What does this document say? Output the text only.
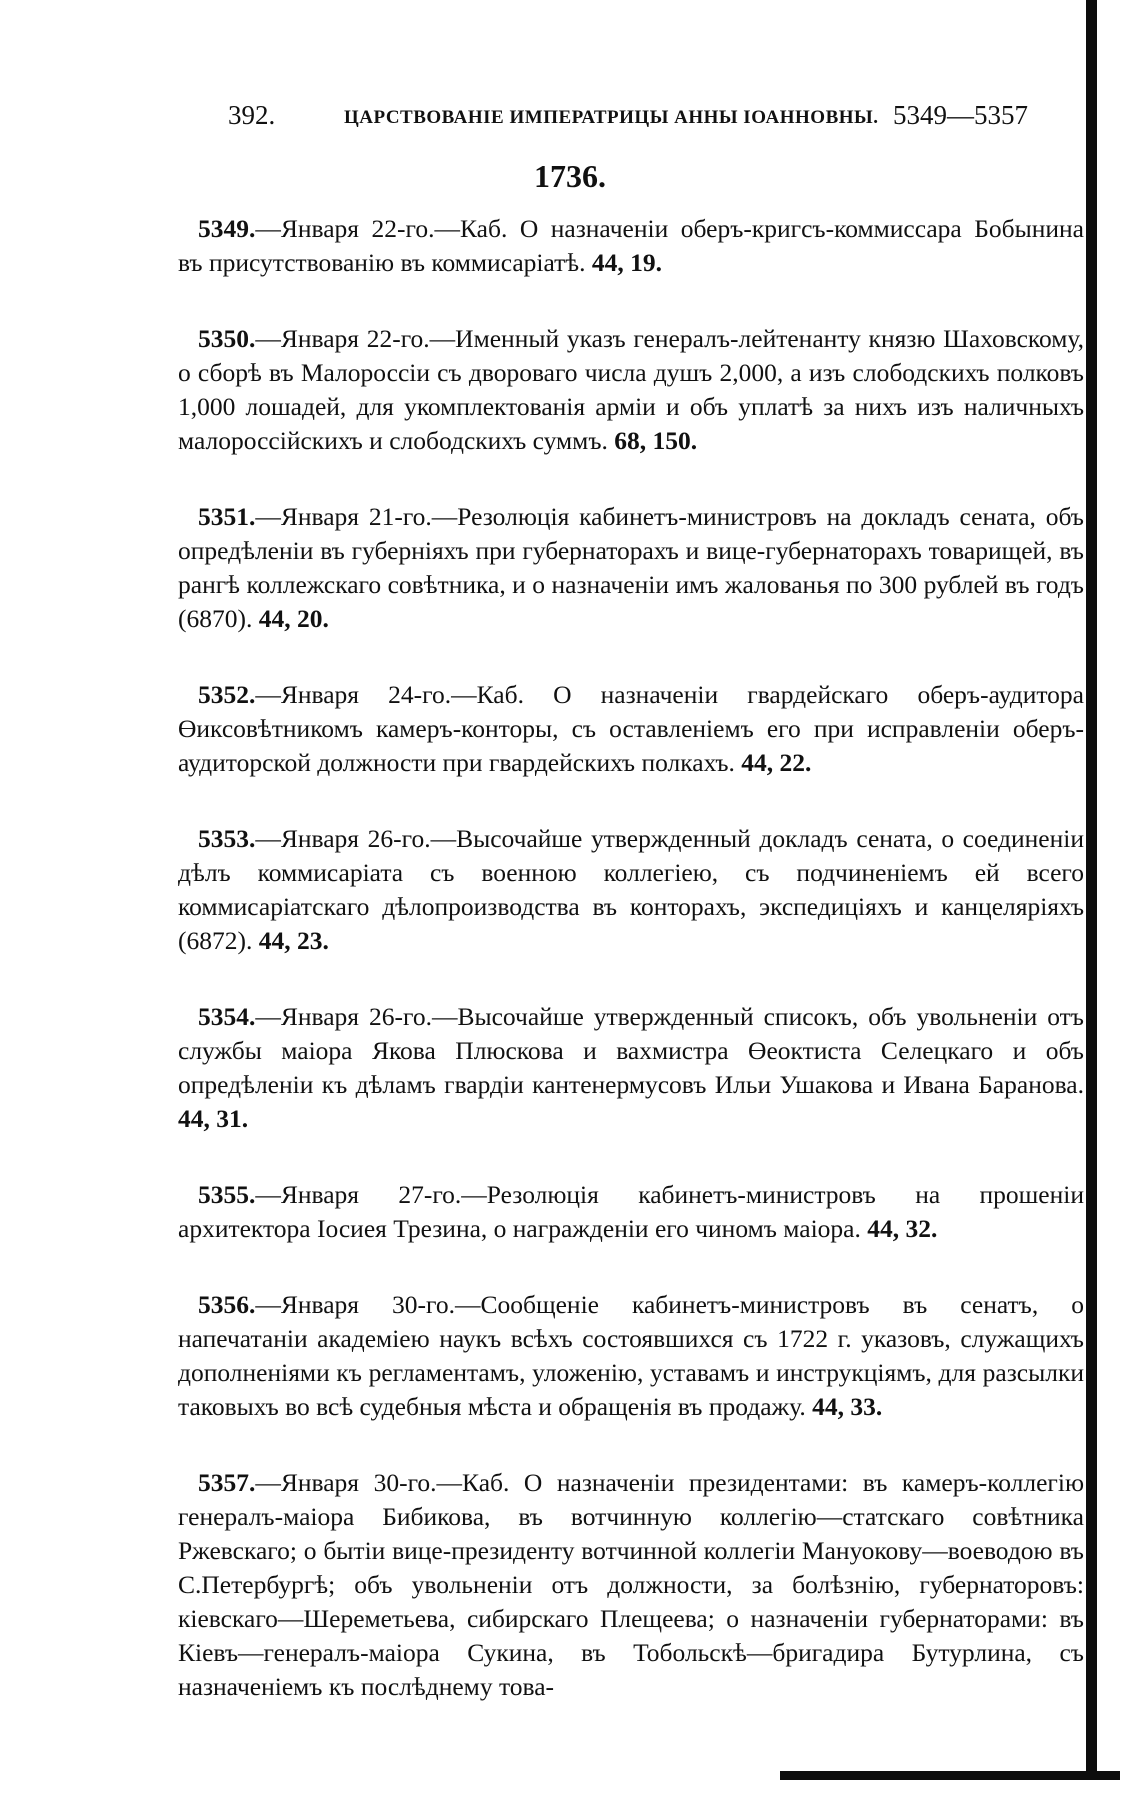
392.	ЦАРСТВОВАНІЕ ИМПЕРАТРИЦЫ АННЫ ІОАННОВНЫ. 5349—5357
1736.

5349.—Января 22-го.—Каб. О назначеніи оберъ-кригсъ-коммиссара Бобынина въ присутствованію въ коммисаріатѣ. 44, 19.

5350.—Января 22-го.—Именный указъ генералъ-лейтенанту князю Шаховскому, о сборѣ въ Малороссіи съ двороваго числа душъ 2,000, а изъ слободскихъ полковъ 1,000 лошадей, для укомплектованія арміи и объ уплатѣ за нихъ изъ наличныхъ малороссійскихъ и слободскихъ суммъ. 68, 150.

5351.—Января 21-го.—Резолюція кабинетъ-министровъ на докладъ сената, объ опредѣленіи въ губерніяхъ при губернаторахъ и вице-губернаторахъ товарищей, въ рангѣ коллежскаго совѣтника, и о назначеніи имъ жалованья по 300 рублей въ годъ (6870). 44, 20.

5352.—Января 24-го.—Каб. О назначеніи гвардейскаго оберъ-аудитора Өиксовѣтникомъ камеръ-конторы, съ оставленіемъ его при исправленіи оберъ-аудиторской должности при гвардейскихъ полкахъ. 44, 22.

5353.—Января 26-го.—Высочайше утвержденный докладъ сената, о соединеніи дѣлъ коммисаріата съ военною коллегіею, съ подчиненіемъ ей всего коммисаріатскаго дѣлопроизводства въ конторахъ, экспедиціяхъ и канцеляріяхъ (6872). 44, 23.

5354.—Января 26-го.—Высочайше утвержденный списокъ, объ увольненіи отъ службы маіора Якова Плюскова и вахмистра Өеоктиста Селецкаго и объ опредѣленіи къ дѣламъ гвардіи кантенермусовъ Ильи Ушакова и Ивана Баранова. 44, 31.

5355.—Января 27-го.—Резолюція кабинетъ-министровъ на прошеніи архитектора Іосиея Трезина, о награжденіи его чиномъ маіора. 44, 32.

5356.—Января 30-го.—Сообщеніе кабинетъ-министровъ въ сенатъ, о напечатаніи академіею наукъ всѣхъ состоявшихся съ 1722 г. указовъ, служащихъ дополненіями къ регламентамъ, уложенію, уставамъ и инструкціямъ, для разсылки таковыхъ во всѣ судебныя мѣста и обращенія въ продажу. 44, 33.

5357.—Января 30-го.—Каб. О назначеніи президентами: въ камеръ-коллегію генералъ-маіора Бибикова, въ вотчинную коллегію—статскаго совѣтника Ржевскаго; о бытіи вице-президенту вотчинной коллегіи Мануокову—воеводою въ С.Петербургѣ; объ увольненіи отъ должности, за болѣзнію, губернаторовъ: кіевскаго—Шереметьева, сибирскаго Плещеева; о назначеніи губернаторами: въ Кіевъ—генералъ-маіора Сукина, въ Тобольскѣ—бригадира Бутурлина, съ назначеніемъ къ послѣднему това-
